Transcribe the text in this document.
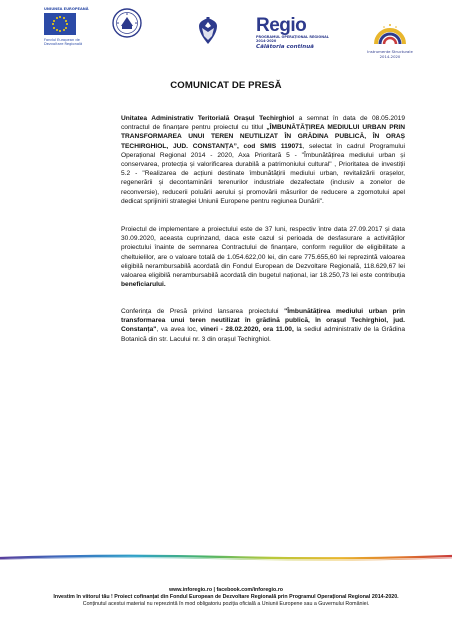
UNIUNEA EUROPEANĂ
Fondul European de
Dezvoltare Regională
Regio
PROGRAMUL OPERAȚIONAL REGIONAL
2014-2020
Călătoria continuă
Instrumente Structurale
2014-2020
COMUNICAT DE PRESĂ
Unitatea Administrativ Teritorială Orașul Techirghiol a semnat în data de 08.05.2019 contractul de finanțare pentru proiectul cu titlul „ÎMBUNĂTĂȚIREA MEDIULUI URBAN PRIN TRANSFORMAREA UNUI TEREN NEUTILIZAT ÎN GRĂDINA PUBLICĂ, ÎN ORAȘ TECHIRGHIOL, JUD. CONSTANȚA”, cod SMIS 119071, selectat în cadrul Programului Operațional Regional 2014 - 2020, Axa Prioritară 5 - "Îmbunătățirea mediului urban și conservarea, protecția și valorificarea durabilă a patrimoniului cultural" , Prioritatea de investiții 5.2 - "Realizarea de acțiuni destinate îmbunătățirii mediului urban, revitalizării orașelor, regenerării și decontaminării terenurilor industriale dezafectate (inclusiv a zonelor de reconversie), reducerii poluării aerului și promovării măsurilor de reducere a zgomotului apel dedicat sprijinirii strategiei Uniunii Europene pentru regiunea Dunării".
Proiectul de implementare a proiectului este de 37 luni, respectiv între data 27.09.2017 și data 30.09.2020, aceasta cuprinzand, daca este cazul si perioada de desfasurare a activităților proiectului înainte de semnarea Contractului de finanțare, conform regulilor de eligibilitate a cheltuielilor, are o valoare totală de 1.054.622,00 lei, din care 775.655,60 lei reprezintă valoarea eligibilă nerambursabilă acordată din Fondul European de Dezvoltare Regională, 118.629,67 lei valoarea eligibilă nerambursabilă acordată din bugetul național, iar 18.250,73 lei este contribuția beneficiarului.
Conferința de Presă privind lansarea proiectului "Îmbunătățirea mediului urban prin transformarea unui teren neutilizat în grădină publică, în orașul Techirghiol, jud. Constanța", va avea loc, vineri - 28.02.2020, ora 11.00, la sediul administrativ de la Grădina Botanică din str. Lacului nr. 3 din orașul Techirghiol.
www.inforegio.ro | facebook.com/inforegio.ro
Investim în viitorul tău ! Proiect cofinanțat din Fondul European de Dezvoltare Regională prin Programul Operațional Regional 2014-2020.
Conținutul acestui material nu reprezintă în mod obligatoriu poziția oficială a Uniunii Europene sau a Guvernului României.
